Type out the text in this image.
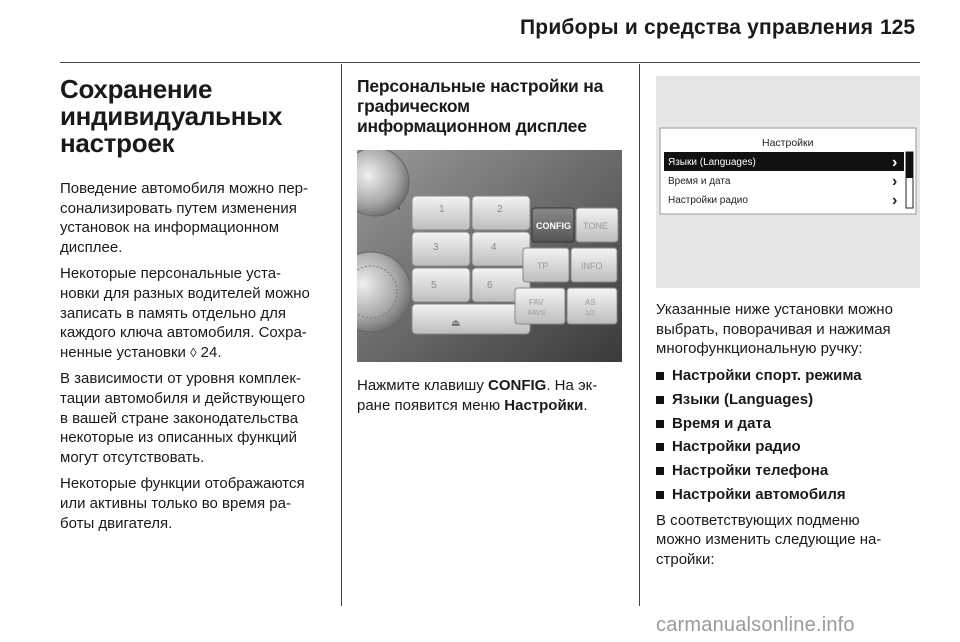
Приборы и средства управления 125
Сохранение
индивидуальных
настроек

Поведение автомобиля можно пер-
сонализировать путем изменения
установок на информационном
дисплее.

Некоторые персональные уста-
новки для разных водителей можно
записать в память отдельно для
каждого ключа автомобиля. Сохра-
ненные установки ◊ 24.

В зависимости от уровня комплек-
тации автомобиля и действующего
в вашей стране законодательства
некоторые из описанных функций
могут отсутствовать.

Некоторые функции отображаются
или активны только во время ра-
боты двигателя.

Персональные настройки на
графическом
информационном дисплее
◔	1	2
3	4
5	6
⏏
CONFIG TONE
TP	INFO
FAV
FAVS
AS
1/2

Нажмите клавишу CONFIG. На эк-
ране появится меню Настройки.

Настройки
Языки (Languages)	›
Время и дата	›
Настройки радио	›

Указанные ниже установки можно
выбрать, поворачивая и нажимая
многофункциональную ручку:

Настройки спорт. режима
Языки (Languages)
Время и дата
Настройки радио
Настройки телефона
Настройки автомобиля

В соответствующих подменю
можно изменить следующие на-
стройки:

carmanualsonline.info
